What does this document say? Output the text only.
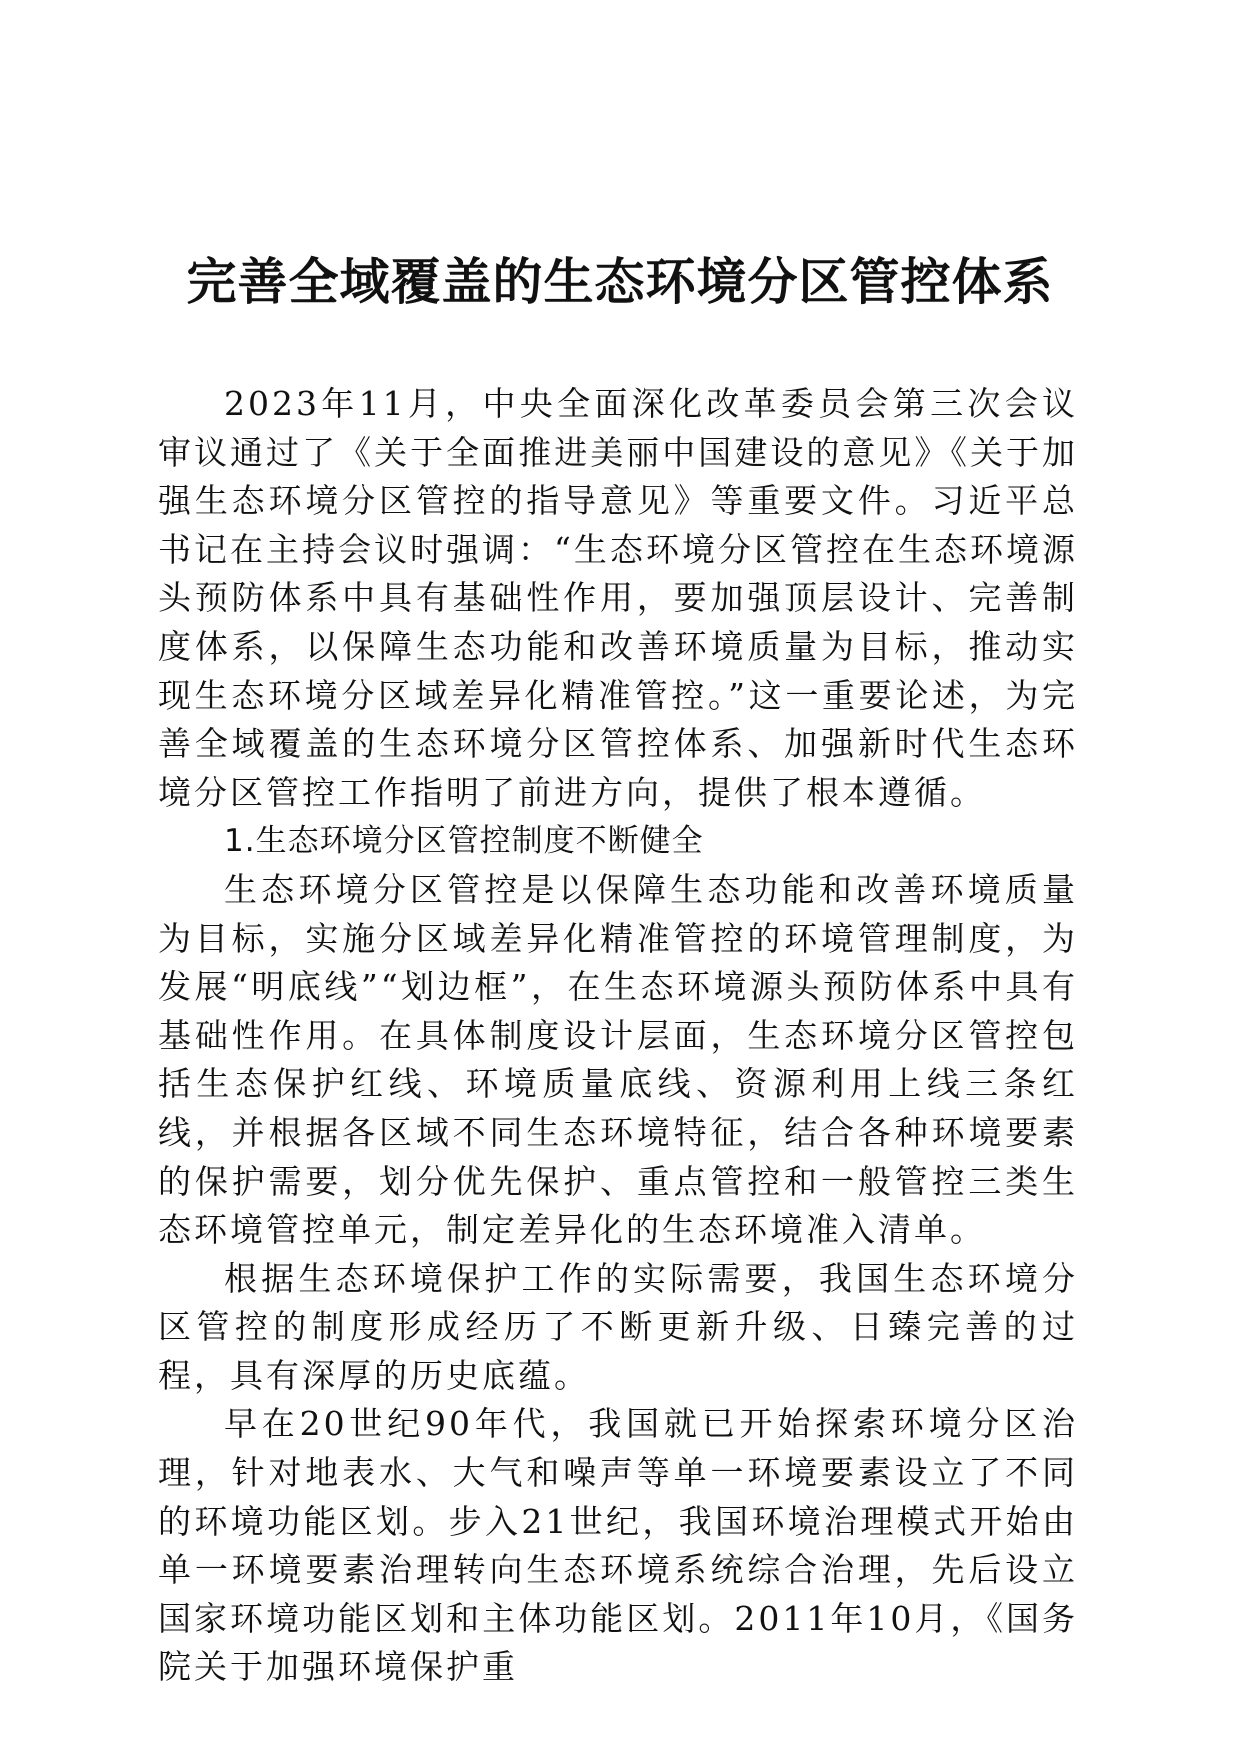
完善全域覆盖的生态环境分区管控体系

2023年11月，中央全面深化改革委员会第三次会议审议通过了《关于全面推进美丽中国建设的意见》《关于加强生态环境分区管控的指导意见》等重要文件。习近平总书记在主持会议时强调：“生态环境分区管控在生态环境源头预防体系中具有基础性作用，要加强顶层设计、完善制度体系，以保障生态功能和改善环境质量为目标，推动实现生态环境分区域差异化精准管控。”这一重要论述，为完善全域覆盖的生态环境分区管控体系、加强新时代生态环境分区管控工作指明了前进方向，提供了根本遵循。

1.生态环境分区管控制度不断健全

生态环境分区管控是以保障生态功能和改善环境质量为目标，实施分区域差异化精准管控的环境管理制度，为发展“明底线”“划边框”，在生态环境源头预防体系中具有基础性作用。在具体制度设计层面，生态环境分区管控包括生态保护红线、环境质量底线、资源利用上线三条红线，并根据各区域不同生态环境特征，结合各种环境要素的保护需要，划分优先保护、重点管控和一般管控三类生态环境管控单元，制定差异化的生态环境准入清单。

根据生态环境保护工作的实际需要，我国生态环境分区管控的制度形成经历了不断更新升级、日臻完善的过程，具有深厚的历史底蕴。

早在20世纪90年代，我国就已开始探索环境分区治理，针对地表水、大气和噪声等单一环境要素设立了不同的环境功能区划。步入21世纪，我国环境治理模式开始由单一环境要素治理转向生态环境系统综合治理，先后设立国家环境功能区划和主体功能区划。2011年10月，《国务院关于加强环境保护重
